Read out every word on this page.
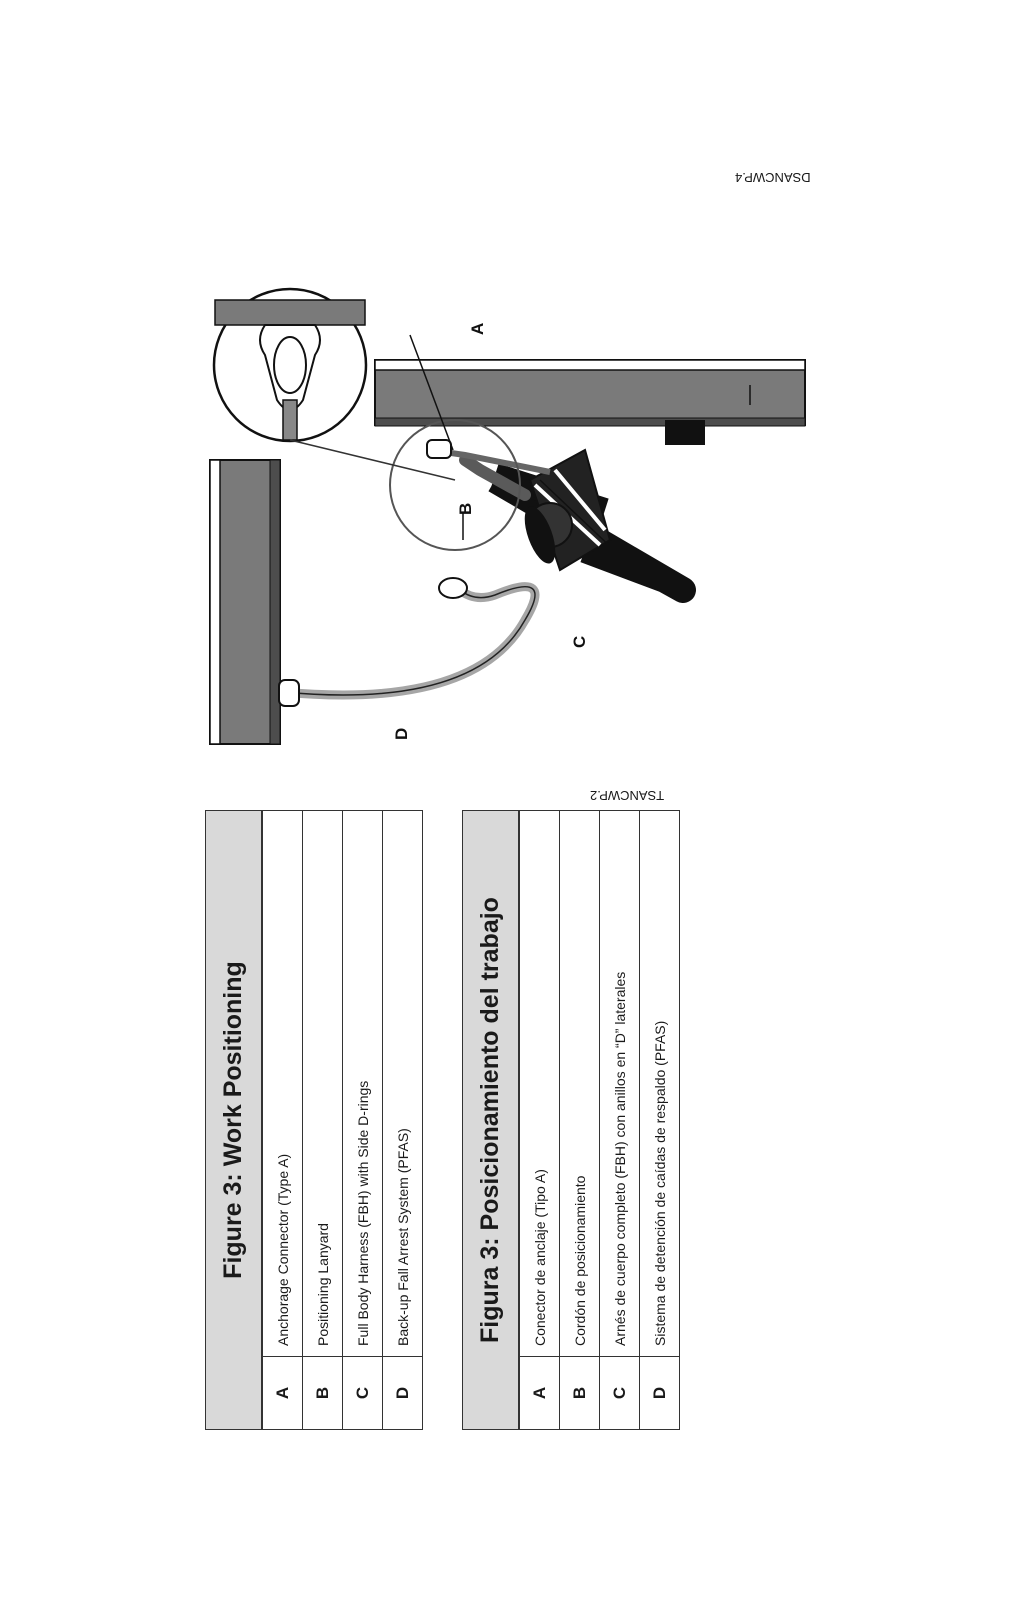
Figure 3: Work Positioning
A
Anchorage Connector (Type A)
B
Positioning Lanyard
C
Full Body Harness (FBH) with Side D-rings
D
Back-up Fall Arrest System (PFAS)	Figura 3: Posicionamiento del trabajo
A
Conector de anclaje (Tipo A)
B
Cordón de posicionamiento
C
Arnés de cuerpo completo (FBH) con anillos en “D” laterales
D
Sistema de detención de caídas de respaldo (PFAS)
TSANCWP.2
DSANCWP.4
A
B
C
D
